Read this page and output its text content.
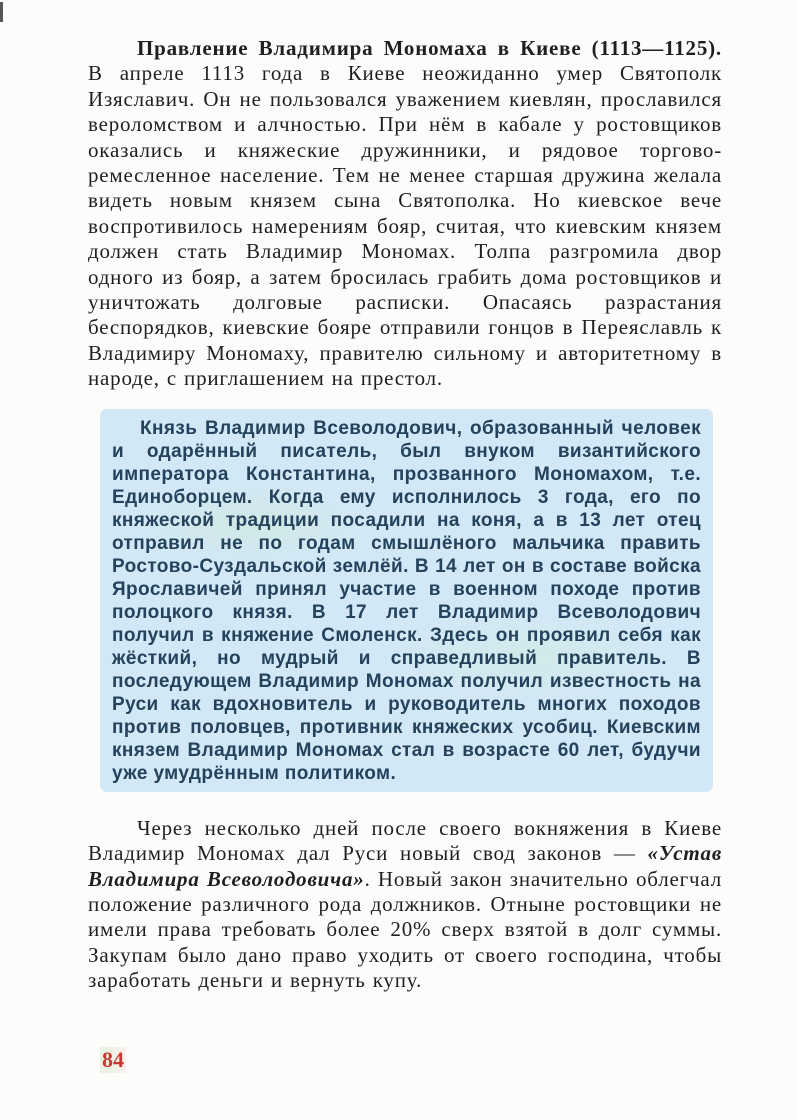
Правление Владимира Мономаха в Киеве (1113—1125). В апреле 1113 года в Киеве неожиданно умер Святополк Изяславич. Он не пользовался уважением киевлян, прославился вероломством и алчностью. При нём в кабале у ростовщиков оказались и княжеские дружинники, и рядовое торгово-ремесленное население. Тем не менее старшая дружина желала видеть новым князем сына Святополка. Но киевское вече воспротивилось намерениям бояр, считая, что киевским князем должен стать Владимир Мономах. Толпа разгромила двор одного из бояр, а затем бросилась грабить дома ростовщиков и уничтожать долговые расписки. Опасаясь разрастания беспорядков, киевские бояре отправили гонцов в Переяславль к Владимиру Мономаху, правителю сильному и авторитетному в народе, с приглашением на престол.

Князь Владимир Всеволодович, образованный человек и одарённый писатель, был внуком византийского императора Константина, прозванного Мономахом, т.е. Единоборцем. Когда ему исполнилось 3 года, его по княжеской традиции посадили на коня, а в 13 лет отец отправил не по годам смышлёного мальчика править Ростово-Суздальской землёй. В 14 лет он в составе войска Ярославичей принял участие в военном походе против полоцкого князя. В 17 лет Владимир Всеволодович получил в княжение Смоленск. Здесь он проявил себя как жёсткий, но мудрый и справедливый правитель. В последующем Владимир Мономах получил известность на Руси как вдохновитель и руководитель многих походов против половцев, противник княжеских усобиц. Киевским князем Владимир Мономах стал в возрасте 60 лет, будучи уже умудрённым политиком.

Через несколько дней после своего вокняжения в Киеве Владимир Мономах дал Руси новый свод законов — «Устав Владимира Всеволодовича». Новый закон значительно облегчал положение различного рода должников. Отныне ростовщики не имели права требовать более 20% сверх взятой в долг суммы. Закупам было дано право уходить от своего господина, чтобы заработать деньги и вернуть купу.

84
